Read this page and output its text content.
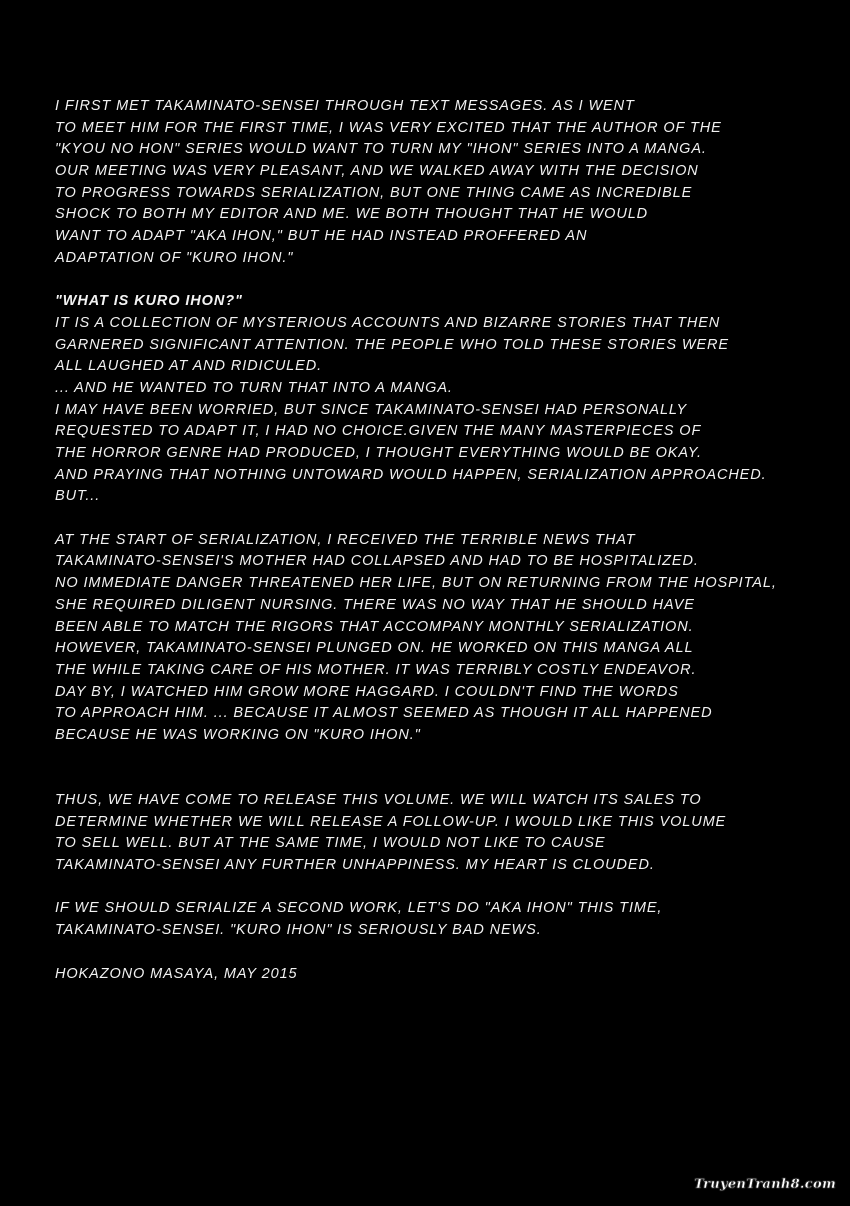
I FIRST MET TAKAMINATO-SENSEI THROUGH TEXT MESSAGES. AS I WENT
TO MEET HIM FOR THE FIRST TIME, I WAS VERY EXCITED THAT THE AUTHOR OF THE
"KYOU NO HON" SERIES WOULD WANT TO TURN MY "IHON" SERIES INTO A MANGA.
OUR MEETING WAS VERY PLEASANT, AND WE WALKED AWAY WITH THE DECISION
TO PROGRESS TOWARDS SERIALIZATION, BUT ONE THING CAME AS INCREDIBLE
SHOCK TO BOTH MY EDITOR AND ME. WE BOTH THOUGHT THAT HE WOULD
WANT TO ADAPT "AKA IHON," BUT HE HAD INSTEAD PROFFERED AN
ADAPTATION OF "KURO IHON."
"WHAT IS KURO IHON?"
IT IS A COLLECTION OF MYSTERIOUS ACCOUNTS AND BIZARRE STORIES THAT THEN
GARNERED SIGNIFICANT ATTENTION. THE PEOPLE WHO TOLD THESE STORIES WERE
ALL LAUGHED AT AND RIDICULED.
... AND HE WANTED TO TURN THAT INTO A MANGA.
I MAY HAVE BEEN WORRIED, BUT SINCE TAKAMINATO-SENSEI HAD PERSONALLY
REQUESTED TO ADAPT IT, I HAD NO CHOICE.GIVEN THE MANY MASTERPIECES OF
THE HORROR GENRE HAD PRODUCED, I THOUGHT EVERYTHING WOULD BE OKAY.
AND PRAYING THAT NOTHING UNTOWARD WOULD HAPPEN, SERIALIZATION APPROACHED.
BUT...
AT THE START OF SERIALIZATION, I RECEIVED THE TERRIBLE NEWS THAT
TAKAMINATO-SENSEI'S MOTHER HAD COLLAPSED AND HAD TO BE HOSPITALIZED.
NO IMMEDIATE DANGER THREATENED HER LIFE, BUT ON RETURNING FROM THE HOSPITAL,
SHE REQUIRED DILIGENT NURSING. THERE WAS NO WAY THAT HE SHOULD HAVE
BEEN ABLE TO MATCH THE RIGORS THAT ACCOMPANY MONTHLY SERIALIZATION.
HOWEVER, TAKAMINATO-SENSEI PLUNGED ON. HE WORKED ON THIS MANGA ALL
THE WHILE TAKING CARE OF HIS MOTHER. IT WAS TERRIBLY COSTLY ENDEAVOR.
DAY BY, I WATCHED HIM GROW MORE HAGGARD. I COULDN'T FIND THE WORDS
TO APPROACH HIM. ... BECAUSE IT ALMOST SEEMED AS THOUGH IT ALL HAPPENED
BECAUSE HE WAS WORKING ON "KURO IHON."
THUS, WE HAVE COME TO RELEASE THIS VOLUME. WE WILL WATCH ITS SALES TO
DETERMINE WHETHER WE WILL RELEASE A FOLLOW-UP. I WOULD LIKE THIS VOLUME
TO SELL WELL. BUT AT THE SAME TIME, I WOULD NOT LIKE TO CAUSE
TAKAMINATO-SENSEI ANY FURTHER UNHAPPINESS. MY HEART IS CLOUDED.
IF WE SHOULD SERIALIZE A SECOND WORK, LET'S DO "AKA IHON" THIS TIME,
TAKAMINATO-SENSEI. "KURO IHON" IS SERIOUSLY BAD NEWS.
HOKAZONO MASAYA, MAY 2015
TruyenTranh8.com
